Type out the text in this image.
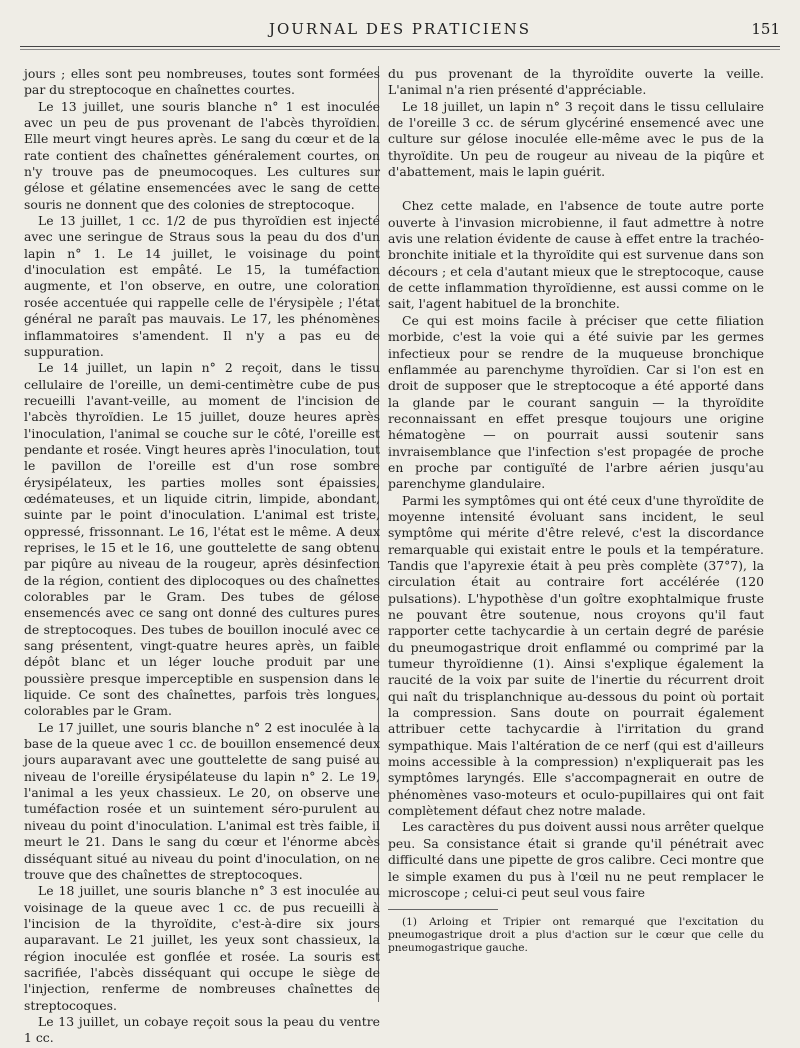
JOURNAL DES PRATICIENS	151

jours ; elles sont peu nombreuses, toutes sont formées par du streptocoque en chaînettes courtes.

Le 13 juillet, une souris blanche n° 1 est inoculée avec un peu de pus provenant de l'abcès thyroïdien. Elle meurt vingt heures après. Le sang du cœur et de la rate contient des chaînettes généralement courtes, on n'y trouve pas de pneumocoques. Les cultures sur gélose et gélatine ensemencées avec le sang de cette souris ne donnent que des colonies de streptocoque.

Le 13 juillet, 1 cc. 1/2 de pus thyroïdien est injecté avec une seringue de Straus sous la peau du dos d'un lapin n° 1. Le 14 juillet, le voisinage du point d'inoculation est empâté. Le 15, la tuméfaction augmente, et l'on observe, en outre, une coloration rosée accentuée qui rappelle celle de l'érysipèle ; l'état général ne paraît pas mauvais. Le 17, les phénomènes inflammatoires s'amendent. Il n'y a pas eu de suppuration.

Le 14 juillet, un lapin n° 2 reçoit, dans le tissu cellulaire de l'oreille, un demi-centimètre cube de pus recueilli l'avant-veille, au moment de l'incision de l'abcès thyroïdien. Le 15 juillet, douze heures après l'inoculation, l'animal se couche sur le côté, l'oreille est pendante et rosée. Vingt heures après l'inoculation, tout le pavillon de l'oreille est d'un rose sombre érysipélateux, les parties molles sont épaissies, œdémateuses, et un liquide citrin, limpide, abondant, suinte par le point d'inoculation. L'animal est triste, oppressé, frissonnant. Le 16, l'état est le même. A deux reprises, le 15 et le 16, une gouttelette de sang obtenu par piqûre au niveau de la rougeur, après désinfection de la région, contient des diplocoques ou des chaînettes colorables par le Gram. Des tubes de gélose ensemencés avec ce sang ont donné des cultures pures de streptocoques. Des tubes de bouillon inoculé avec ce sang présentent, vingt-quatre heures après, un faible dépôt blanc et un léger louche produit par une poussière presque imperceptible en suspension dans le liquide. Ce sont des chaînettes, parfois très longues, colorables par le Gram.

Le 17 juillet, une souris blanche n° 2 est inoculée à la base de la queue avec 1 cc. de bouillon ensemencé deux jours auparavant avec une gouttelette de sang puisé au niveau de l'oreille érysipélateuse du lapin n° 2. Le 19, l'animal a les yeux chassieux. Le 20, on observe une tuméfaction rosée et un suintement séro-purulent au niveau du point d'inoculation. L'animal est très faible, il meurt le 21. Dans le sang du cœur et l'énorme abcès disséquant situé au niveau du point d'inoculation, on ne trouve que des chaînettes de streptocoques.

Le 18 juillet, une souris blanche n° 3 est inoculée au voisinage de la queue avec 1 cc. de pus recueilli à l'incision de la thyroïdite, c'est-à-dire six jours auparavant. Le 21 juillet, les yeux sont chassieux, la région inoculée est gonflée et rosée. La souris est sacrifiée, l'abcès disséquant qui occupe le siège de l'injection, renferme de nombreuses chaînettes de streptocoques.

Le 13 juillet, un cobaye reçoit sous la peau du ventre 1 cc.

du pus provenant de la thyroïdite ouverte la veille. L'animal n'a rien présenté d'appréciable.

Le 18 juillet, un lapin n° 3 reçoit dans le tissu cellulaire de l'oreille 3 cc. de sérum glycériné ensemencé avec une culture sur gélose inoculée elle-même avec le pus de la thyroïdite. Un peu de rougeur au niveau de la piqûre et d'abattement, mais le lapin guérit.

Chez cette malade, en l'absence de toute autre porte ouverte à l'invasion microbienne, il faut admettre à notre avis une relation évidente de cause à effet entre la trachéo-bronchite initiale et la thyroïdite qui est survenue dans son décours ; et cela d'autant mieux que le streptocoque, cause de cette inflammation thyroïdienne, est aussi comme on le sait, l'agent habituel de la bronchite.

Ce qui est moins facile à préciser que cette filiation morbide, c'est la voie qui a été suivie par les germes infectieux pour se rendre de la muqueuse bronchique enflammée au parenchyme thyroïdien. Car si l'on est en droit de supposer que le streptocoque a été apporté dans la glande par le courant sanguin — la thyroïdite reconnaissant en effet presque toujours une origine hématogène — on pourrait aussi soutenir sans invraisemblance que l'infection s'est propagée de proche en proche par contiguïté de l'arbre aérien jusqu'au parenchyme glandulaire.

Parmi les symptômes qui ont été ceux d'une thyroïdite de moyenne intensité évoluant sans incident, le seul symptôme qui mérite d'être relevé, c'est la discordance remarquable qui existait entre le pouls et la température. Tandis que l'apyrexie était à peu près complète (37°7), la circulation était au contraire fort accélérée (120 pulsations). L'hypothèse d'un goître exophtalmique fruste ne pouvant être soutenue, nous croyons qu'il faut rapporter cette tachycardie à un certain degré de parésie du pneumogastrique droit enflammé ou comprimé par la tumeur thyroïdienne (1). Ainsi s'explique également la raucité de la voix par suite de l'inertie du récurrent droit qui naît du trisplanchnique au-dessous du point où portait la compression. Sans doute on pourrait également attribuer cette tachycardie à l'irritation du grand sympathique. Mais l'altération de ce nerf (qui est d'ailleurs moins accessible à la compression) n'expliquerait pas les symptômes laryngés. Elle s'accompagnerait en outre de phénomènes vaso-moteurs et oculo-pupillaires qui ont fait complètement défaut chez notre malade.

Les caractères du pus doivent aussi nous arrêter quelque peu. Sa consistance était si grande qu'il pénétrait avec difficulté dans une pipette de gros calibre. Ceci montre que le simple examen du pus à l'œil nu ne peut remplacer le microscope ; celui-ci peut seul vous faire

(1) Arloing et Tripier ont remarqué que l'excitation du pneumogastrique droit a plus d'action sur le cœur que celle du pneumogastrique gauche.
